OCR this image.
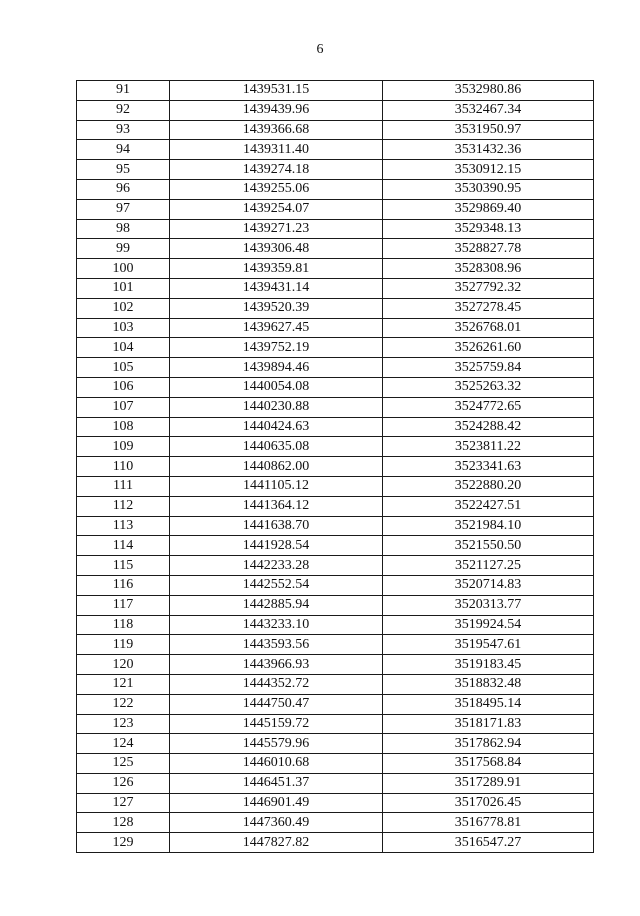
6
91	1439531.15	3532980.86
92	1439439.96	3532467.34
93	1439366.68	3531950.97
94	1439311.40	3531432.36
95	1439274.18	3530912.15
96	1439255.06	3530390.95
97	1439254.07	3529869.40
98	1439271.23	3529348.13
99	1439306.48	3528827.78
100	1439359.81	3528308.96
101	1439431.14	3527792.32
102	1439520.39	3527278.45
103	1439627.45	3526768.01
104	1439752.19	3526261.60
105	1439894.46	3525759.84
106	1440054.08	3525263.32
107	1440230.88	3524772.65
108	1440424.63	3524288.42
109	1440635.08	3523811.22
110	1440862.00	3523341.63
111	1441105.12	3522880.20
112	1441364.12	3522427.51
113	1441638.70	3521984.10
114	1441928.54	3521550.50
115	1442233.28	3521127.25
116	1442552.54	3520714.83
117	1442885.94	3520313.77
118	1443233.10	3519924.54
119	1443593.56	3519547.61
120	1443966.93	3519183.45
121	1444352.72	3518832.48
122	1444750.47	3518495.14
123	1445159.72	3518171.83
124	1445579.96	3517862.94
125	1446010.68	3517568.84
126	1446451.37	3517289.91
127	1446901.49	3517026.45
128	1447360.49	3516778.81
129	1447827.82	3516547.27
